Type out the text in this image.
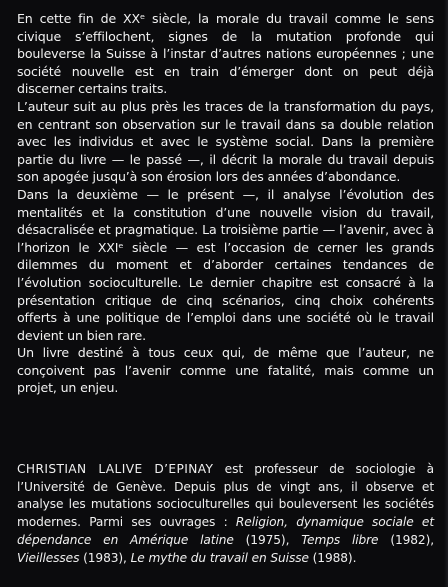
En cette fin de XXᵉ siècle, la morale du travail comme le sens civique s’effilochent, signes de la mutation profonde qui bouleverse la Suisse à l’instar d’autres nations européennes ; une société nouvelle est en train d’émerger dont on peut déjà discerner certains traits.

L’auteur suit au plus près les traces de la transformation du pays, en centrant son observation sur le travail dans sa double relation avec les individus et avec le système social. Dans la première partie du livre — le passé —, il décrit la morale du travail depuis son apogée jusqu’à son érosion lors des années d’abondance.

Dans la deuxième — le présent —, il analyse l’évolution des mentalités et la constitution d’une nouvelle vision du travail, désacralisée et pragmatique. La troisième partie — l’avenir, avec à l’horizon le XXIᵉ siècle — est l’occasion de cerner les grands dilemmes du moment et d’aborder certaines tendances de l’évolution socioculturelle. Le dernier chapitre est consacré à la présentation critique de cinq scénarios, cinq choix cohérents offerts à une politique de l’emploi dans une société où le travail devient un bien rare.

Un livre destiné à tous ceux qui, de même que l’auteur, ne conçoivent pas l’avenir comme une fatalité, mais comme un projet, un enjeu.

CHRISTIAN LALIVE D’EPINAY est professeur de sociologie à l’Université de Genève. Depuis plus de vingt ans, il observe et analyse les mutations socioculturelles qui bouleversent les sociétés modernes. Parmi ses ouvrages : Religion, dynamique sociale et dépendance en Amérique latine (1975), Temps libre (1982), Vieillesses (1983), Le mythe du travail en Suisse (1988).
